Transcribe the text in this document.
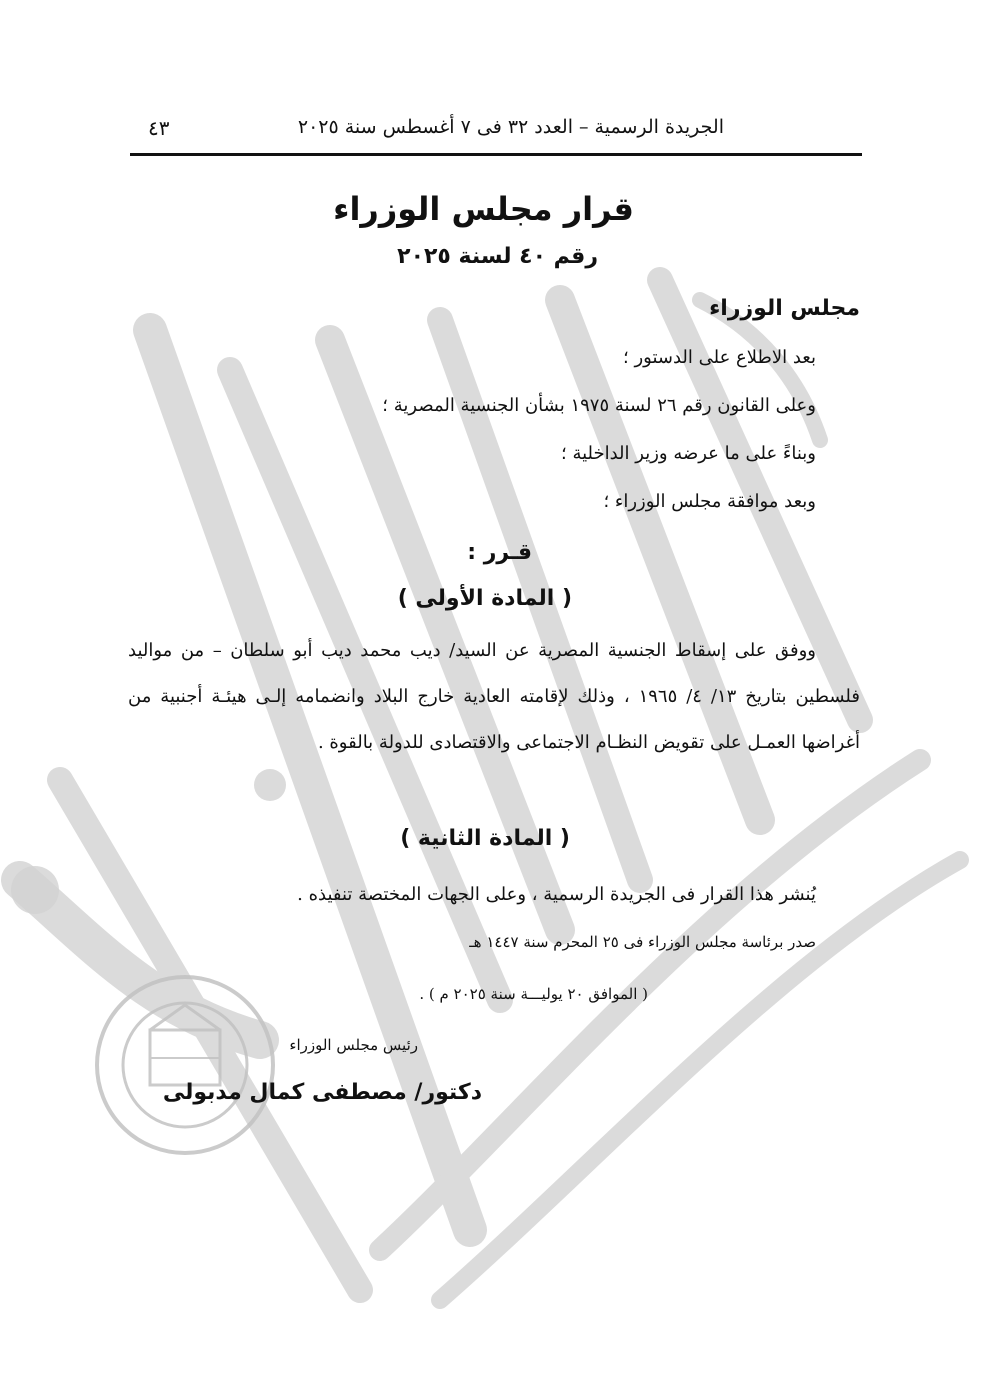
الجريدة الرسمية – العدد ٣٢ فى ٧ أغسطس سنة ٢٠٢٥
٤٣
قرار مجلس الوزراء
رقم ٤٠ لسنة ٢٠٢٥
مجلس الوزراء
بعد الاطلاع على الدستور ؛
وعلى القانون رقم ٢٦ لسنة ١٩٧٥ بشأن الجنسية المصرية ؛
وبناءً على ما عرضه وزير الداخلية ؛
وبعد موافقة مجلس الوزراء ؛
قـرر :
( المادة الأولى )
ووفق على إسقاط الجنسية المصرية عن السيد/ ديب محمد ديب أبو سلطان – من مواليد فلسطين بتاريخ ١٣/ ٤/ ١٩٦٥ ، وذلك لإقامته العادية خارج البلاد وانضمامه إلـى هيئـة أجنبية من أغراضها العمـل على تقويض النظـام الاجتماعى والاقتصادى للدولة بالقوة .
( المادة الثانية )
يُنشر هذا القرار فى الجريدة الرسمية ، وعلى الجهات المختصة تنفيذه .
صدر برئاسة مجلس الوزراء فى ٢٥ المحرم سنة ١٤٤٧ هـ
( الموافق ٢٠ يوليـــة سنة ٢٠٢٥ م ) .
رئيس مجلس الوزراء
دكتور/ مصطفى كمال مدبولى
